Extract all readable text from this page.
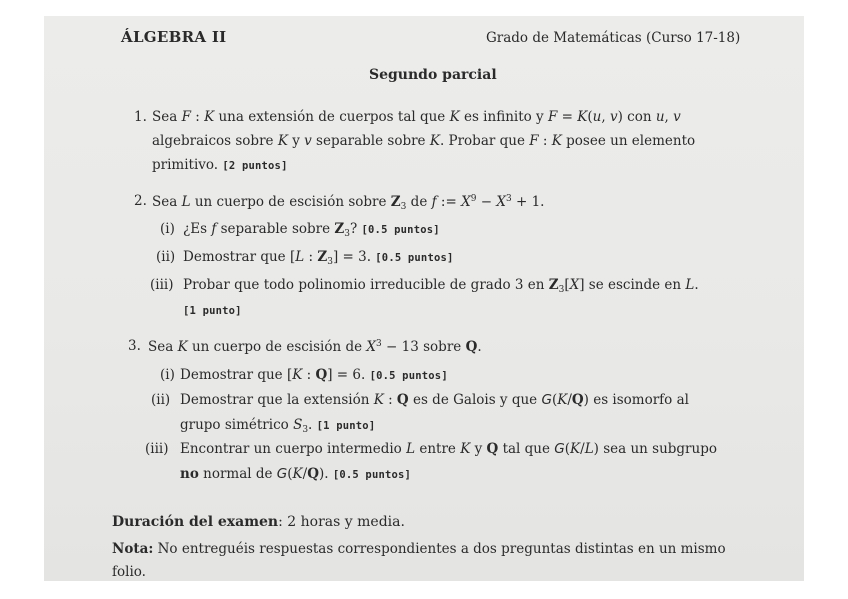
ÁLGEBRA II	Grado de Matemáticas (Curso 17-18)
Segundo parcial
1. Sea F : K una extensión de cuerpos tal que K es infinito y F = K(u, v) con u, v
algebraicos sobre K y v separable sobre K. Probar que F : K posee un elemento
primitivo. [2 puntos]
2. Sea L un cuerpo de escisión sobre $Z_3$ de f := $X^9 - X^3 + 1$.
(i) ¿Es f separable sobre $Z_3$? [0.5 puntos]
(ii) Demostrar que [L : $Z_3] = 3$. [0.5 puntos]
(iii) Probar que todo polinomio irreducible de grado 3 en $Z_3[X]$ se escinde en L.
[1 punto]
3. Sea K un cuerpo de escisión de $X^3 - 13$ sobre Q.
(i) Demostrar que [K : Q] = 6. [0.5 puntos]
(ii) Demostrar que la extensión K : Q es de Galois y que G(K/Q) es isomorfo al
grupo simétrico $S_3$. [1 punto]
(iii) Encontrar un cuerpo intermedio L entre K y Q tal que G(K/L) sea un subgrupo
no normal de G(K/Q). [0.5 puntos]
Duración del examen: 2 horas y media.
Nota: No entreguéis respuestas correspondientes a dos preguntas distintas en un mismo
folio.
